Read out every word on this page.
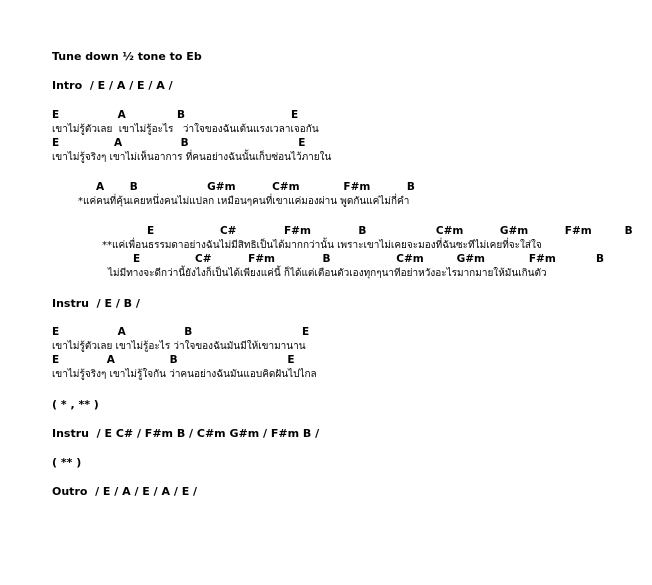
Tune down ½ tone to Eb
Intro  / E / A / E / A /
E                A              B                             E
เขาไม่รู้ตัวเลย  เขาไม่รู้อะไร   ว่าใจของฉันเต้นแรงเวลาเจอกัน
E               A                B                              E
เขาไม่รู้จริงๆ เขาไม่เห็นอาการ ที่คนอย่างฉันนั้นเก็บซ่อนไว้ภายใน
A       B                   G#m          C#m            F#m          B
*แค่คนที่คุ้นเคยหนึ่งคนไม่แปลก เหมือนๆคนที่เขาแค่มองผ่าน พูดกันแค่ไม่กี่คำ
E                  C#             F#m             B                   C#m          G#m          F#m         B
**แค่เพื่อนธรรมดาอย่างฉันไม่มีสิทธิเป็นได้มากกว่านั้น เพราะเขาไม่เคยจะมองที่ฉันซะทีไม่เคยที่จะใส่ใจ
E               C#          F#m             B                  C#m         G#m            F#m           B
ไม่มีทางจะดีกว่านี้ยังไงก็เป็นได้เพียงแค่นี้ ก็ได้แต่เตือนตัวเองทุกๆนาทีอย่าหวังอะไรมากมายให้มันเกินตัว
Instru  / E / B /
E                A                B                              E
เขาไม่รู้ตัวเลย เขาไม่รู้อะไร ว่าใจของฉันมันมีให้เขามานาน
E             A               B                              E
เขาไม่รู้จริงๆ เขาไม่รู้ใจกัน ว่าคนอย่างฉันมันแอบคิดฝันไปไกล
( * , ** )
Instru  / E C# / F#m B / C#m G#m / F#m B /
( ** )
Outro  / E / A / E / A / E /
